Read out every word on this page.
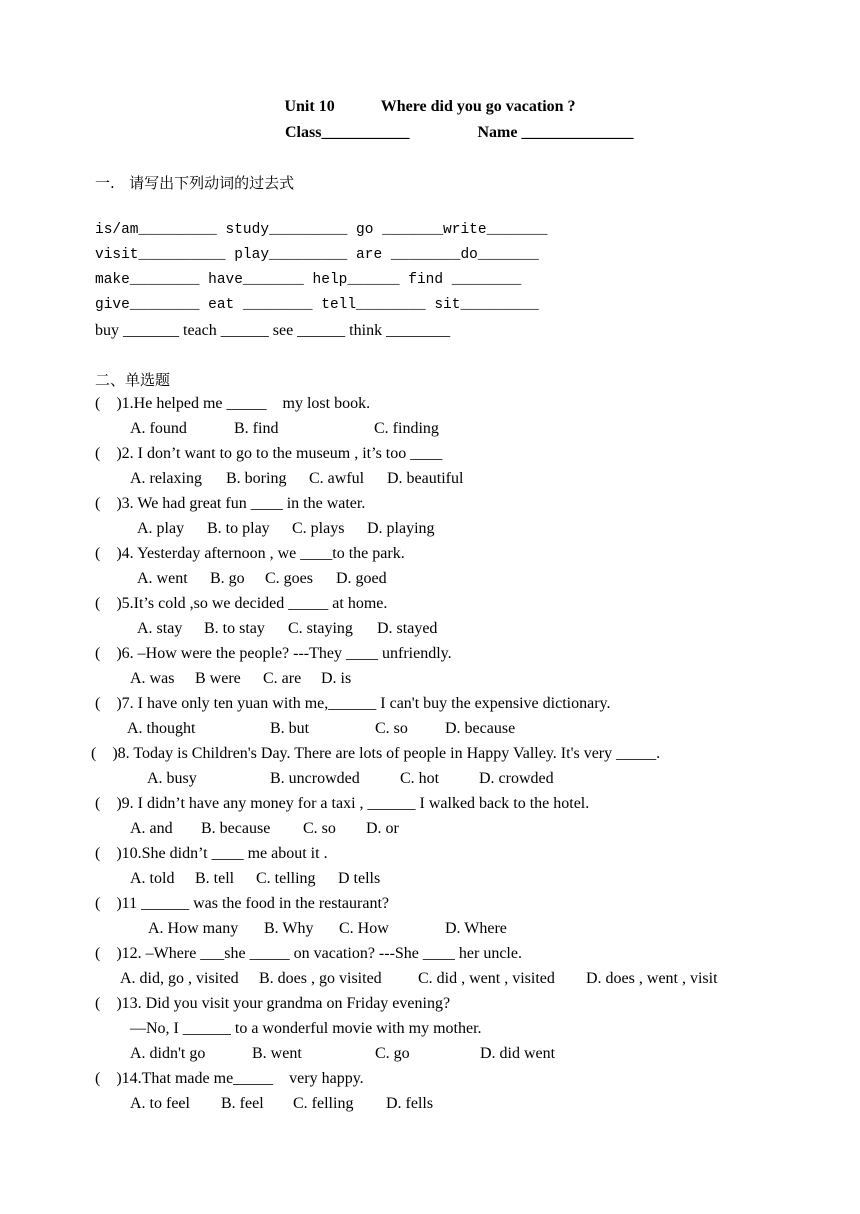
Unit 10	Where did you go vacation ?
Class___________	Name ______________
一.   请写出下列动词的过去式
is/am_________ study_________ go _______write_______
visit__________ play_________ are ________do_______
make________ have_______ help______ find ________
give________ eat ________ tell________ sit_________
buy _______ teach ______ see ______ think ________
二、单选题
(    )1.He helped me _____    my lost book.
A. found	B. find	C. finding
(    )2. I don’t want to go to the museum , it’s too ____
A. relaxing B. boring C. awful D. beautiful
(    )3. We had great fun ____ in the water.
A. play B. to play C. plays D. playing
(    )4. Yesterday afternoon , we ____to the park.
A. went B. go C. goes D. goed
(    )5.It’s cold ,so we decided _____ at home.
A. stay B. to stay C. staying D. stayed
(    )6. –How were the people? ---They ____ unfriendly.
A. was B were C. are D. is
(    )7. I have only ten yuan with me,______ I can't buy the expensive dictionary.
A. thought	B. but	C. so D. because
(    )8. Today is Children's Day. There are lots of people in Happy Valley. It's very _____.
A. busy	B. uncrowded	C. hot D. crowded
(    )9. I didn’t have any money for a taxi , ______ I walked back to the hotel.
A. and B. because C. so D. or
(    )10.She didn’t ____ me about it .
A. told B. tell C. telling D tells
(    )11 ______ was the food in the restaurant?
A. How many B. Why C. How	D. Where
(    )12. –Where ___she _____ on vacation? ---She ____ her uncle.
A. did, go , visited B. does , go visited C. did , went , visited D. does , went , visit
(    )13. Did you visit your grandma on Friday evening?
—No, I ______ to a wonderful movie with my mother.
A. didn't go	B. went	C. go	D. did went
(    )14.That made me_____    very happy.
A. to feel B. feel C. felling D. fells
